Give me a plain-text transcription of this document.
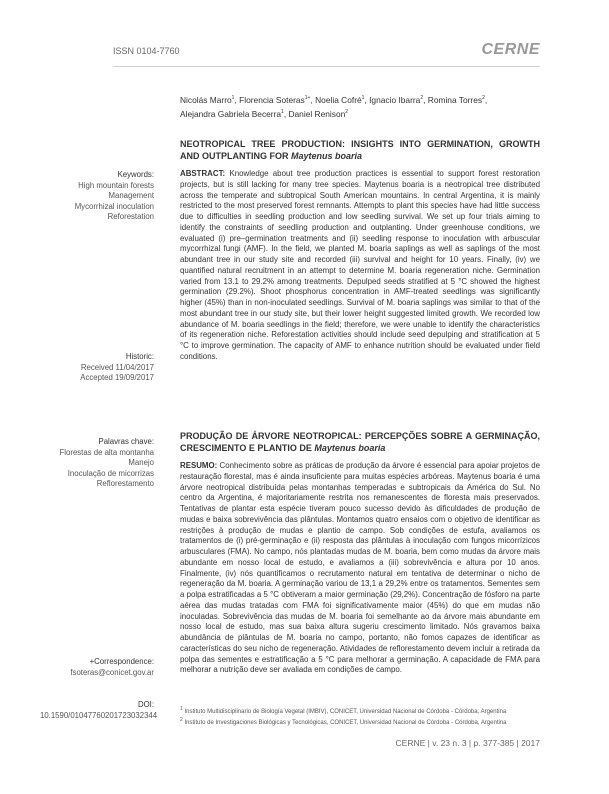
ISSN 0104-7760	CERNE
Nicolás Marro$^1$, Florencia Soteras$^{1+}$, Noelia Cofré$^1$, Ignacio Ibarra$^2$, Romina Torres$^2$,
Alejandra Gabriela Becerra$^1$, Daniel Renison$^2$
Keywords:
High mountain forests
Management
Mycorrhizal inoculation
Reforestation
Historic:
Received 11/04/2017
Accepted 19/09/2017
Palavras chave:
Florestas de alta montanha
Manejo
Inoculação de micorrizas
Reflorestamento
+Correspondence:
fsoteras@conicet.gov.ar
DOI:
10.1590/01047760201723032344

NEOTROPICAL TREE PRODUCTION: INSIGHTS INTO GERMINATION, GROWTH AND OUTPLANTING FOR Maytenus boaria

ABSTRACT: Knowledge about tree production practices is essential to support forest restoration projects, but is still lacking for many tree species. Maytenus boaria is a neotropical tree distributed across the temperate and subtropical South American mountains. In central Argentina, it is mainly restricted to the most preserved forest remnants. Attempts to plant this species have had little success due to difficulties in seedling production and low seedling survival. We set up four trials aiming to identify the constraints of seedling production and outplanting. Under greenhouse conditions, we evaluated (i) pre–germination treatments and (ii) seedling response to inoculation with arbuscular mycorrhizal fungi (AMF). In the field, we planted M. boaria saplings as well as saplings of the most abundant tree in our study site and recorded (iii) survival and height for 10 years. Finally, (iv) we quantified natural recruitment in an attempt to determine M. boaria regeneration niche. Germination varied from 13.1 to 29.2% among treatments. Depulped seeds stratified at 5 °C showed the highest germination (29.2%). Shoot phosphorus concentration in AMF-treated seedlings was significantly higher (45%) than in non-inoculated seedlings. Survival of M. boaria saplings was similar to that of the most abundant tree in our study site, but their lower height suggested limited growth. We recorded low abundance of M. boaria seedlings in the field; therefore, we were unable to identify the characteristics of its regeneration niche. Reforestation activities should include seed depulping and stratification at 5 °C to improve germination. The capacity of AMF to enhance nutrition should be evaluated under field conditions.

PRODUÇÃO DE ÁRVORE NEOTROPICAL: PERCEPÇÕES SOBRE A GERMINAÇÃO, CRESCIMENTO E PLANTIO DE Maytenus boaria

RESUMO: Conhecimento sobre as práticas de produção da árvore é essencial para apoiar projetos de restauração florestal, mas é ainda insuficiente para muitas espécies arbóreas. Maytenus boaria é uma árvore neotropical distribuída pelas montanhas temperadas e subtropicais da América do Sul. No centro da Argentina, é majoritariamente restrita nos remanescentes de floresta mais preservados. Tentativas de plantar esta espécie tiveram pouco sucesso devido às dificuldades de produção de mudas e baixa sobrevivência das plântulas. Montamos quatro ensaios com o objetivo de identificar as restrições à produção de mudas e plantio de campo. Sob condições de estufa, avaliamos os tratamentos de (i) pré-germinação e (ii) resposta das plântulas à inoculação com fungos micorrízicos arbusculares (FMA). No campo, nós plantadas mudas de M. boaria, bem como mudas da árvore mais abundante em nosso local de estudo, e avaliamos a (iii) sobrevivência e altura por 10 anos. Finalmente, (iv) nós quantificamos o recrutamento natural em tentativa de determinar o nicho de regeneração da M. boaria. A germinação variou de 13,1 a 29,2% entre os tratamentos. Sementes sem a polpa estratificadas a 5 °C obtiveram a maior germinação (29,2%). Concentração de fósforo na parte aérea das mudas tratadas com FMA foi significativamente maior (45%) do que em mudas não inoculadas. Sobrevivência das mudas de M. boaria foi semelhante ao da árvore mais abundante em nosso local de estudo, mas sua baixa altura sugeriu crescimento limitado. Nós gravamos baixa abundância de plântulas de M. boaria no campo, portanto, não fomos capazes de identificar as características do seu nicho de regeneração. Atividades de reflorestamento devem incluir a retirada da polpa das sementes e estratificação a 5 °C para melhorar a germinação. A capacidade de FMA para melhorar a nutrição deve ser avaliada em condições de campo.

$^1$ Instituto Multidisciplinario de Biología Vegetal (IMBIV), CONICET, Universidad Nacional de Córdoba - Córdoba, Argentina
$^2$ Instituto de Investigaciones Biológicas y Tecnológicas, CONICET, Universidad Nacional de Córdoba - Córdoba, Argentina
CERNE | v. 23 n. 3 | p. 377-385 | 2017
